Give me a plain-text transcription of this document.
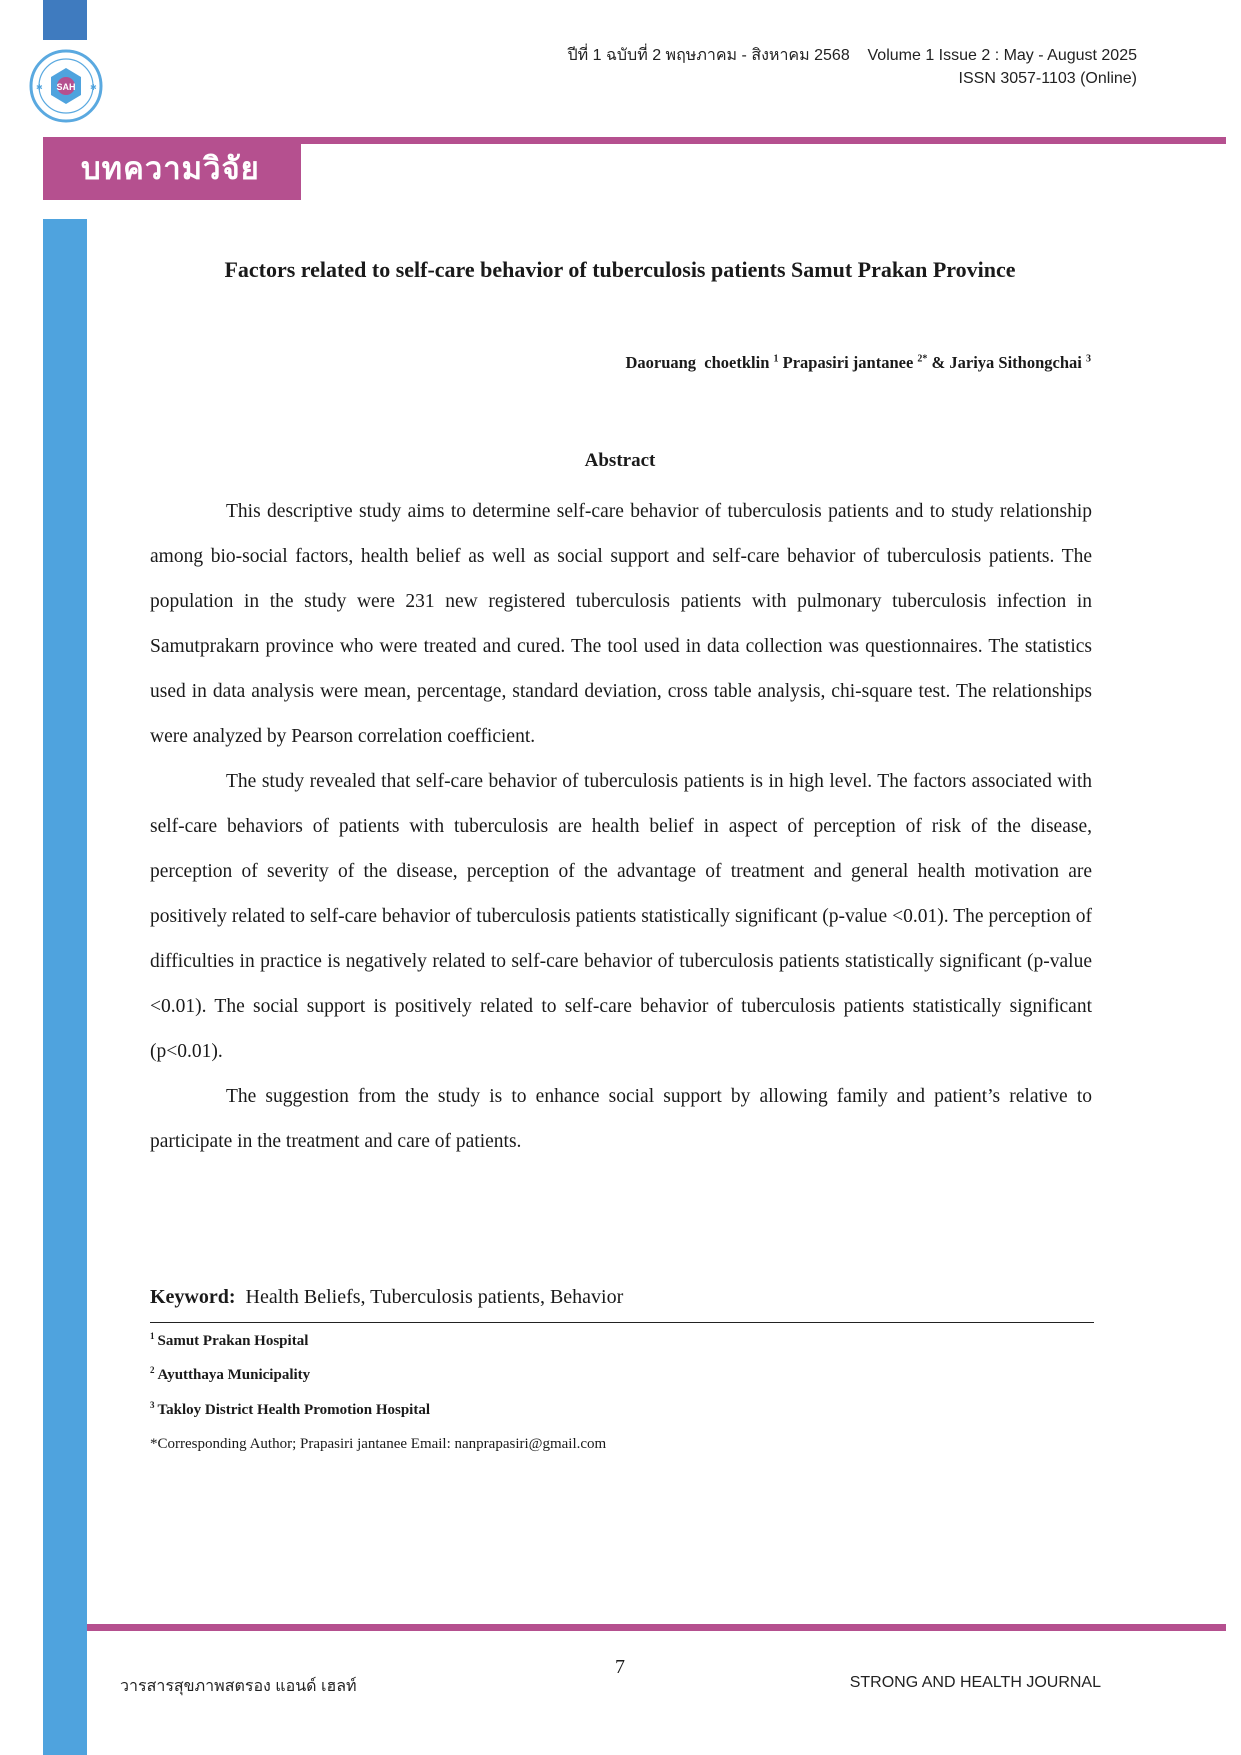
SAH
✱	✱
ปีที่ 1 ฉบับที่ 2 พฤษภาคม - สิงหาคม 2568    Volume 1 Issue 2 : May - August 2025
ISSN 3057-1103 (Online)
บทความวิจัย
Factors related to self-care behavior of tuberculosis patients Samut Prakan Province
Daoruang  choetklin $^1$ Prapasiri jantanee $^{2*}$ & Jariya Sithongchai $^3$
Abstract

This descriptive study aims to determine self-care behavior of tuberculosis patients and to study relationship among bio-social factors, health belief as well as social support and self-care behavior of tuberculosis patients. The population in the study were 231 new registered tuberculosis patients with pulmonary tuberculosis infection in Samutprakarn province who were treated and cured. The tool used in data collection was questionnaires. The statistics used in data analysis were mean, percentage, standard deviation, cross table analysis, chi-square test. The relationships were analyzed by Pearson correlation coefficient.

The study revealed that self-care behavior of tuberculosis patients is in high level. The factors associated with self-care behaviors of patients with tuberculosis are health belief in aspect of perception of risk of the disease, perception of severity of the disease, perception of the advantage of treatment and general health motivation are positively related to self-care behavior of tuberculosis patients statistically significant (p-value <0.01). The perception of difficulties in practice is negatively related to self-care behavior of tuberculosis patients statistically significant (p-value <0.01). The social support is positively related to self-care behavior of tuberculosis patients statistically significant (p<0.01).

The suggestion from the study is to enhance social support by allowing family and patient’s relative to participate in the treatment and care of patients.

Keyword: Health Beliefs, Tuberculosis patients, Behavior
$^1$ Samut Prakan Hospital
$^2$ Ayutthaya Municipality
$^3$ Takloy District Health Promotion Hospital
*Corresponding Author; Prapasiri jantanee Email: nanprapasiri@gmail.com
7
วารสารสุขภาพสตรอง แอนด์ เฮลท์	STRONG AND HEALTH JOURNAL
